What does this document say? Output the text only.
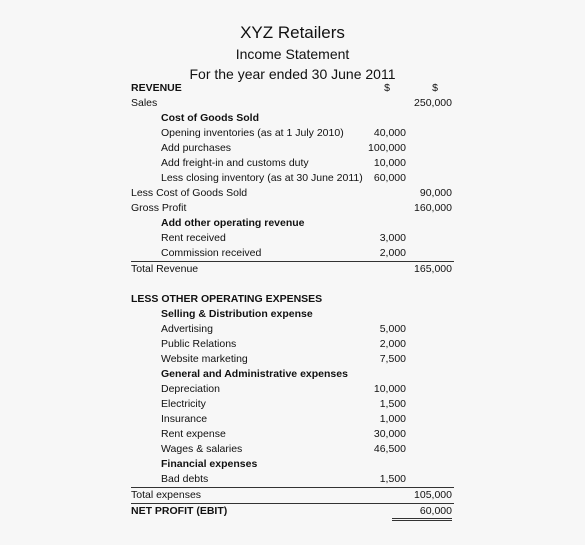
XYZ Retailers
Income Statement
For the year ended 30 June 2011
REVENUE	$	$
Sales	250,000
Cost of Goods Sold
Opening inventories (as at 1 July 2010)	40,000
Add purchases	100,000
Add freight-in and customs duty	10,000
Less closing inventory (as at 30 June 2011)	60,000
Less Cost of Goods Sold	90,000
Gross Profit	160,000
Add other operating revenue
Rent received	3,000
Commission received	2,000
Total Revenue	165,000
LESS OTHER OPERATING EXPENSES
Selling & Distribution expense
Advertising	5,000
Public Relations	2,000
Website marketing	7,500
General and Administrative expenses
Depreciation	10,000
Electricity	1,500
Insurance	1,000
Rent expense	30,000
Wages & salaries	46,500
Financial expenses
Bad debts	1,500
Total expenses	105,000
NET PROFIT (EBIT)	60,000
